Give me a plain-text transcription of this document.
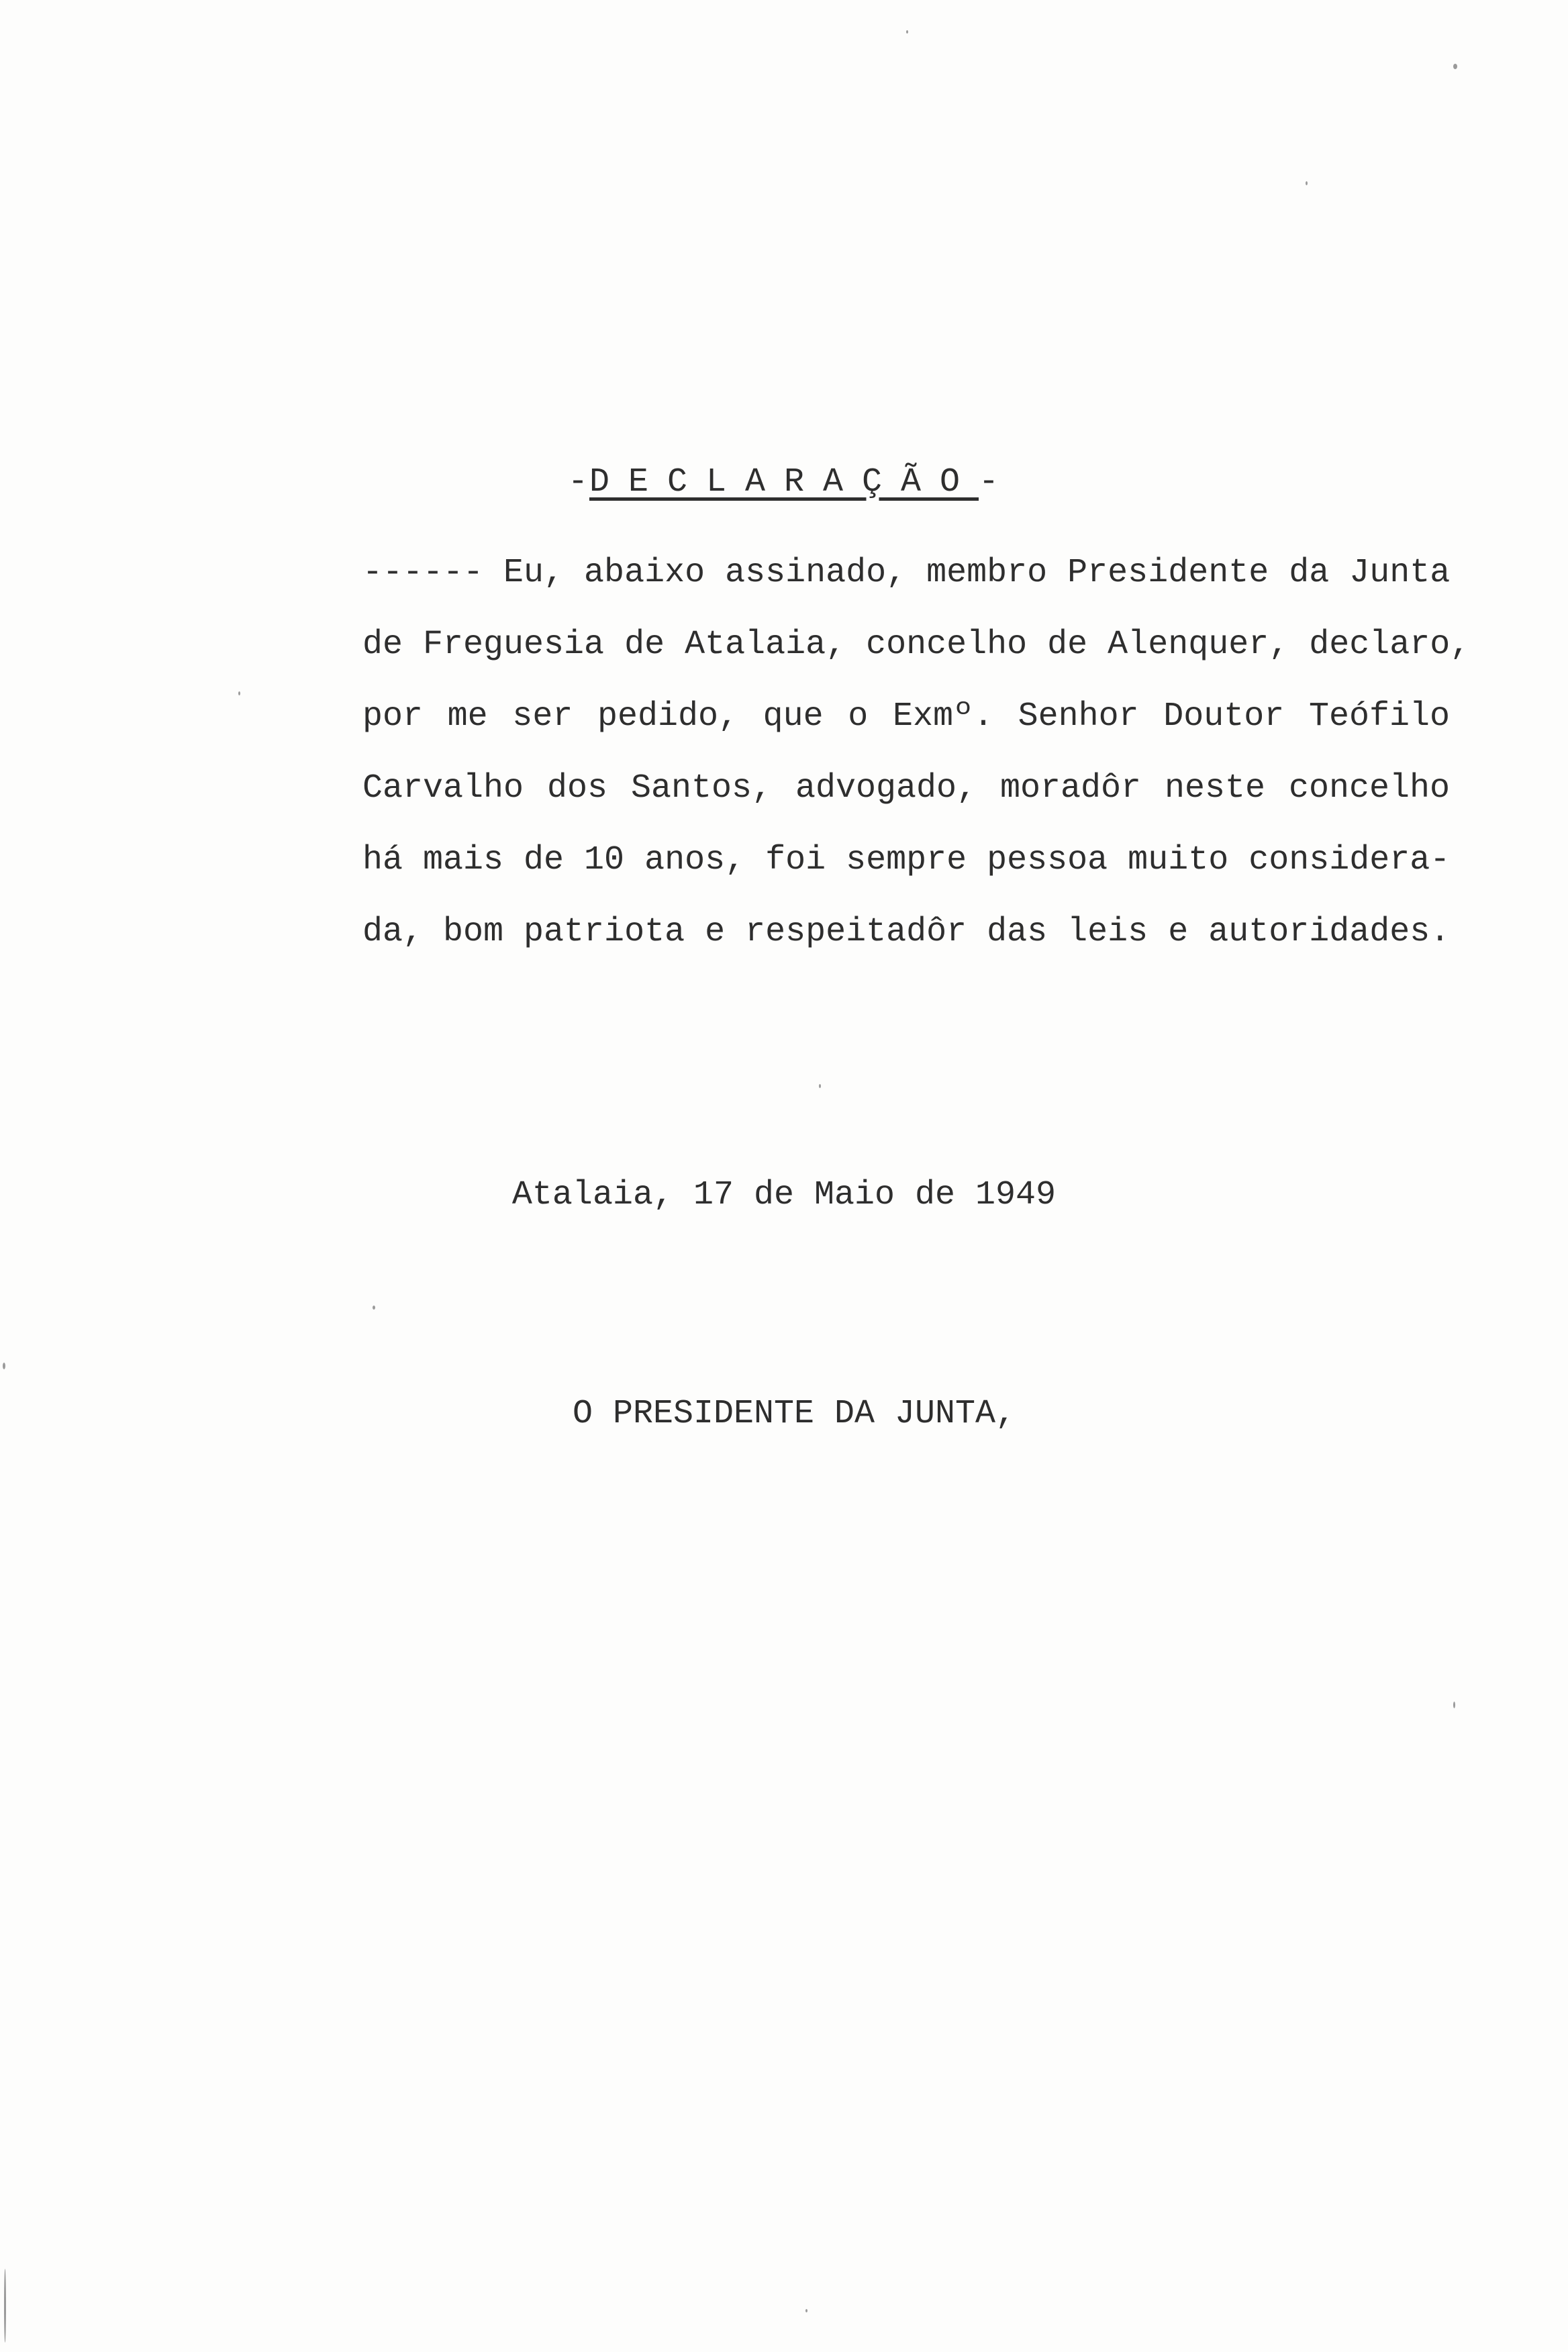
-DECLARAÇÃO-
------ Eu, abaixo assinado, membro Presidente da Junta
de Freguesia de Atalaia, concelho de Alenquer, declaro,
por me ser pedido, que o Exmº. Senhor Doutor Teófilo
Carvalho dos Santos, advogado, moradôr neste concelho
há mais de 10 anos, foi sempre pessoa muito considera-
da, bom patriota e respeitadôr das leis e autoridades.
Atalaia, 17 de Maio de 1949
O PRESIDENTE DA JUNTA,
